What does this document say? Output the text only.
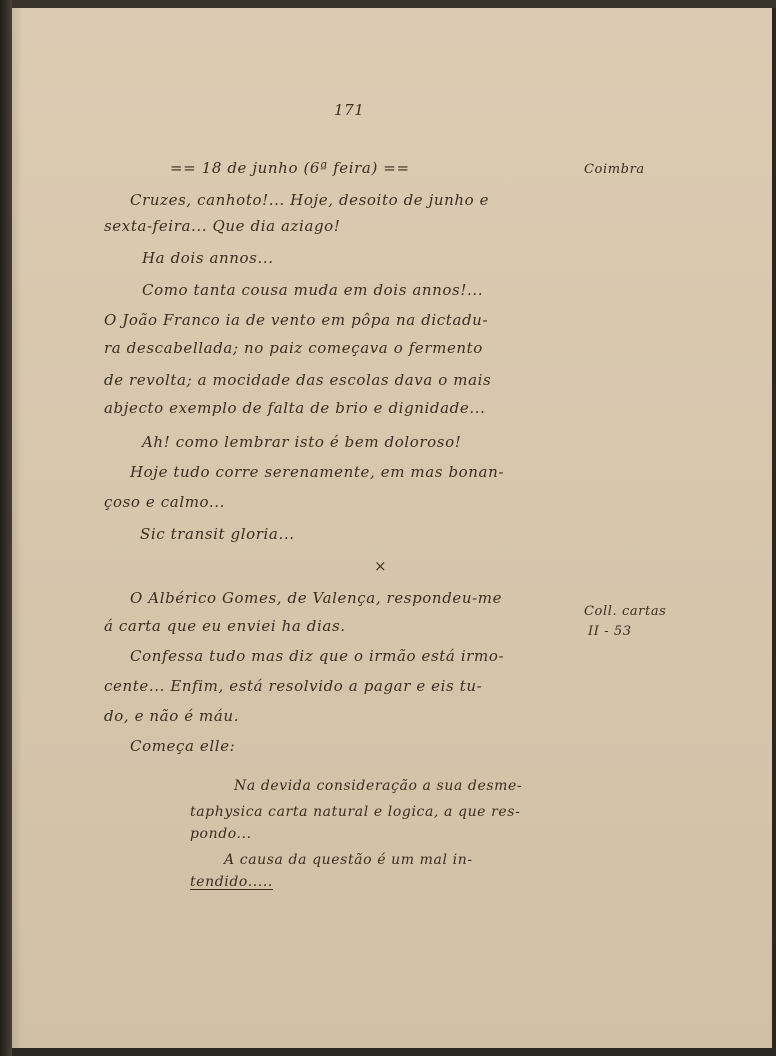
171
== 18 de junho (6ª feira) ==	Coimbra
Cruzes, canhoto!... Hoje, desoito de junho e
sexta-feira... Que dia aziago!
Ha dois annos...
Como tanta cousa muda em dois annos!...
O João Franco ia de vento em pôpa na dictadu-
ra descabellada; no paiz começava o fermento
de revolta; a mocidade das escolas dava o mais
abjecto exemplo de falta de brio e dignidade...
Ah! como lembrar isto é bem doloroso!
Hoje tudo corre serenamente, em mas bonan-
çoso e calmo...
Sic transit gloria...
×
O Albérico Gomes, de Valença, respondeu-me
Coll. cartas
á carta que eu enviei ha dias.	II - 53
Confessa tudo mas diz que o irmão está irmo-
cente... Enfim, está resolvido a pagar e eis tu-
do, e não é máu.
Começa elle:
Na devida consideração a sua desme-
taphysica carta natural e logica, a que res-
pondo...
A causa da questão é um mal in-
tendido.....
